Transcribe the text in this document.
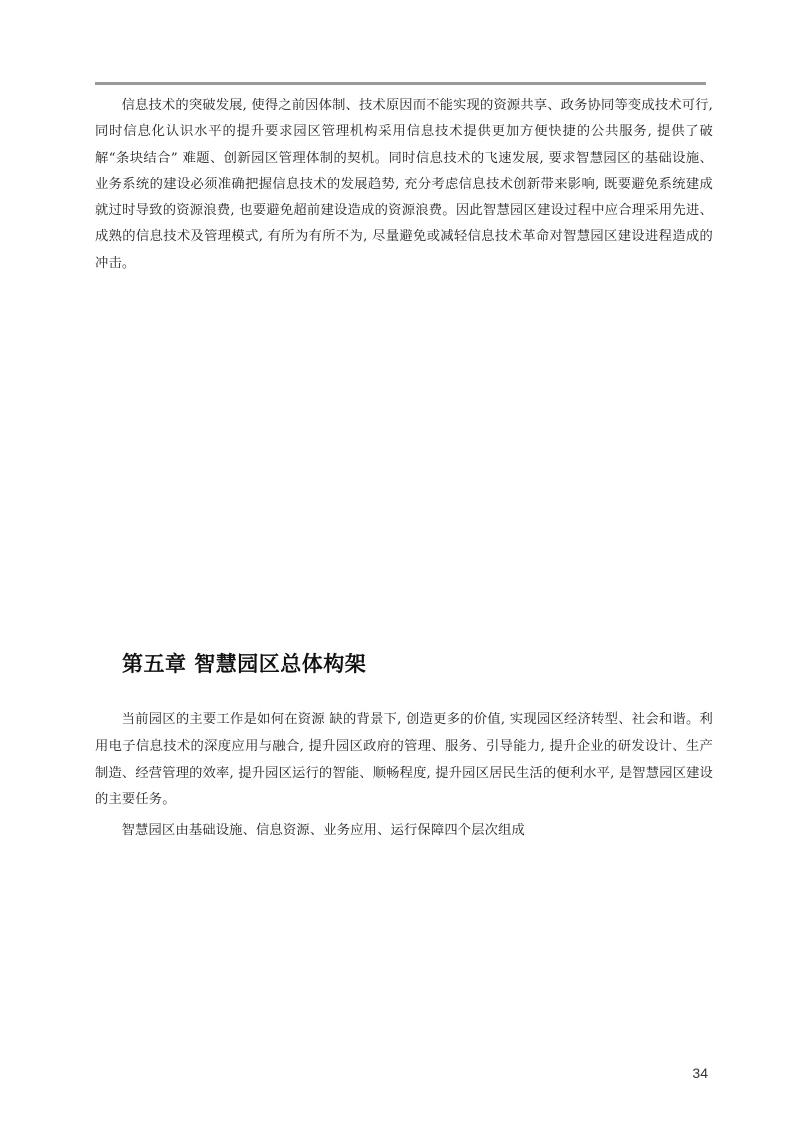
信息技术的突破发展, 使得之前因体制、技术原因而不能实现的资源共享、政务协同等变成技术可行, 同时信息化认识水平的提升要求园区管理机构采用信息技术提供更加方便快捷的公共服务, 提供了破解“条块结合” 难题、创新园区管理体制的契机。同时信息技术的飞速发展, 要求智慧园区的基础设施、业务系统的建设必须准确把握信息技术的发展趋势, 充分考虑信息技术创新带来影响, 既要避免系统建成就过时导致的资源浪费, 也要避免超前建设造成的资源浪费。因此智慧园区建设过程中应合理采用先进、成熟的信息技术及管理模式, 有所为有所不为, 尽量避免或减轻信息技术革命对智慧园区建设进程造成的冲击。

第五章 智慧园区总体构架

当前园区的主要工作是如何在资源 缺的背景下, 创造更多的价值, 实现园区经济转型、社会和谐。利用电子信息技术的深度应用与融合, 提升园区政府的管理、服务、引导能力, 提升企业的研发设计、生产制造、经营管理的效率, 提升园区运行的智能、顺畅程度, 提升园区居民生活的便利水平, 是智慧园区建设的主要任务。

智慧园区由基础设施、信息资源、业务应用、运行保障四个层次组成

34
